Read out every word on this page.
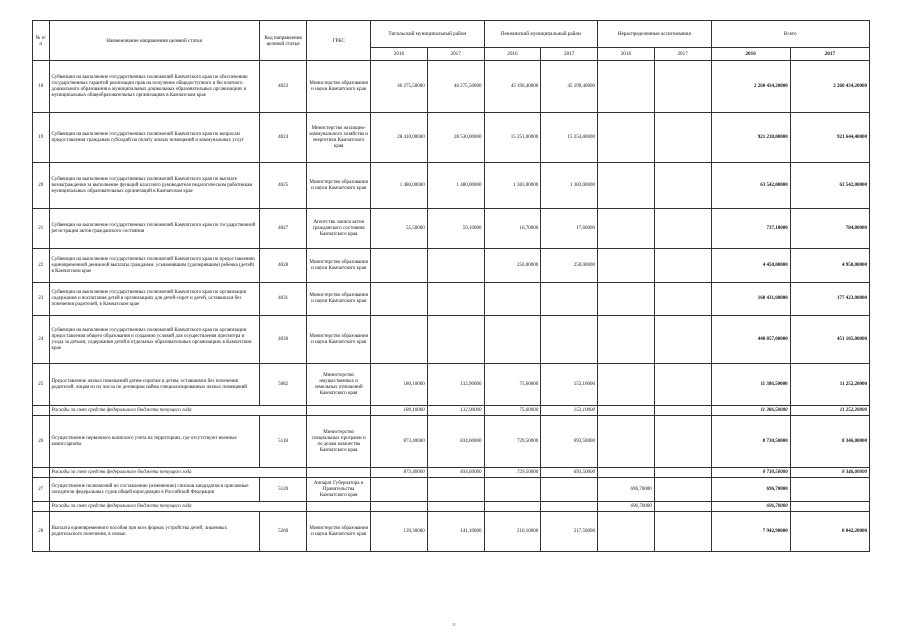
№ п/п	Наименование направления целевой статьи	Код направления целевой статьи	ГРБС	Тигильский муниципальный район		Пенжинский муниципальный район		Нераспределенные ассигнования		Всего	
				2016	2017	2016	2017	2016	2017	2016	2017
18	Субвенции на выполнение государственных полномочий Камчатского края по обеспечению государственных гарантий реализации прав на получение общедоступного и бесплатного дошкольного образования в муниципальных дошкольных образовательных организациях и муниципальных общеобразовательных организациях в Камчатском крае	4023	Министерство образования и науки Камчатского края	46 275,50000	46 275,50000	45 190,40000	45 190,40000			2 260 434,20000	2 260 434,20000
19	Субвенции на выполнение государственных полномочий Камчатского края по вопросам предоставления гражданам субсидий на оплату жилых помещений и коммунальных услуг	4024	Министерство жилищно-коммунального хозяйства и энергетики Камчатского края	28 410,00000	28 530,00000	15 251,00000	15 254,00000			921 238,00000	921 644,40000
20	Субвенции на выполнение государственных полномочий Камчатского края по выплате вознаграждения за выполнение функций классного руководителя педагогическим работникам муниципальных образовательных организаций в Камчатском крае	4025	Министерство образования и науки Камчатского края	1 480,00000	1 480,00000	1 383,00000	1 383,00000			63 542,00000	63 542,00000
21	Субвенции на выполнение государственных полномочий Камчатского края по государственной регистрации актов гражданского состояния	4027	Агентство записи актов гражданского состояния Камчатского края	55,50000	59,10000	16,70000	17,60000			737,10000	784,80000
22	Субвенции на выполнение государственных полномочий Камчатского края по предоставлению единовременной денежной выплаты гражданам, усыновившим (удочерившим) ребенка (детей) в Камчатском крае	4028	Министерство образования и науки Камчатского края			250,00000	250,00000			4 450,00000	4 950,00000
23	Субвенции на выполнение государственных полномочий Камчатского края по организации содержания и воспитания детей в организациях для детей-сирот и детей, оставшихся без попечения родителей, в Камчатском крае	4031	Министерство образования и науки Камчатского края							168 431,00000	177 423,00000
24	Субвенции на выполнение государственных полномочий Камчатского края по организации предоставления общего образования и созданию условий для осуществления присмотра и ухода за детьми, содержания детей в отдельных образовательных организациях в Камчатском крае	4030	Министерство образования и науки Камчатского края							440 857,00000	451 105,00000
25	Предоставление жилых помещений детям-сиротам и детям, оставшимся без попечения родителей, лицам из их числа по договорам найма специализированных жилых помещений	5082	Министерство имущественных и земельных отношений Камчатского края	180,10000	132,90000	75,60000	153,10000			11 386,50000	11 252,20000
	Расходы за счет средств федерального бюджета текущего года			180,10000	132,90000	75,60000	153,10000			11 386,50000	11 252,20000
26	Осуществление первичного воинского учета на территориях, где отсутствуют военные комиссариаты	5118	Министерство специальных программ и по делам казачества Камчатского края	873,40000	834,60000	729,50000	693,50000			8 730,50000	8 346,00000
	Расходы за счет средств федерального бюджета текущего года			873,40000	834,60000	729,50000	693,50000			8 730,50000	8 346,00000
27	Осуществление полномочий по составлению (изменению) списков кандидатов в присяжные заседатели федеральных судов общей юрисдикции в Российской Федерации	5120	Аппарат Губернатора и Правительства Камчатского края					696,70000		696,70000	
	Расходы за счет средств федерального бюджета текущего года							696,70000		696,70000	
28	Выплата единовременного пособия при всех формах устройства детей, лишенных родительского попечения, в семью	5260	Министерство образования и науки Камчатского края	139,30000	141,10000	216,10000	217,50000			7 942,90000	8 042,20000
11
